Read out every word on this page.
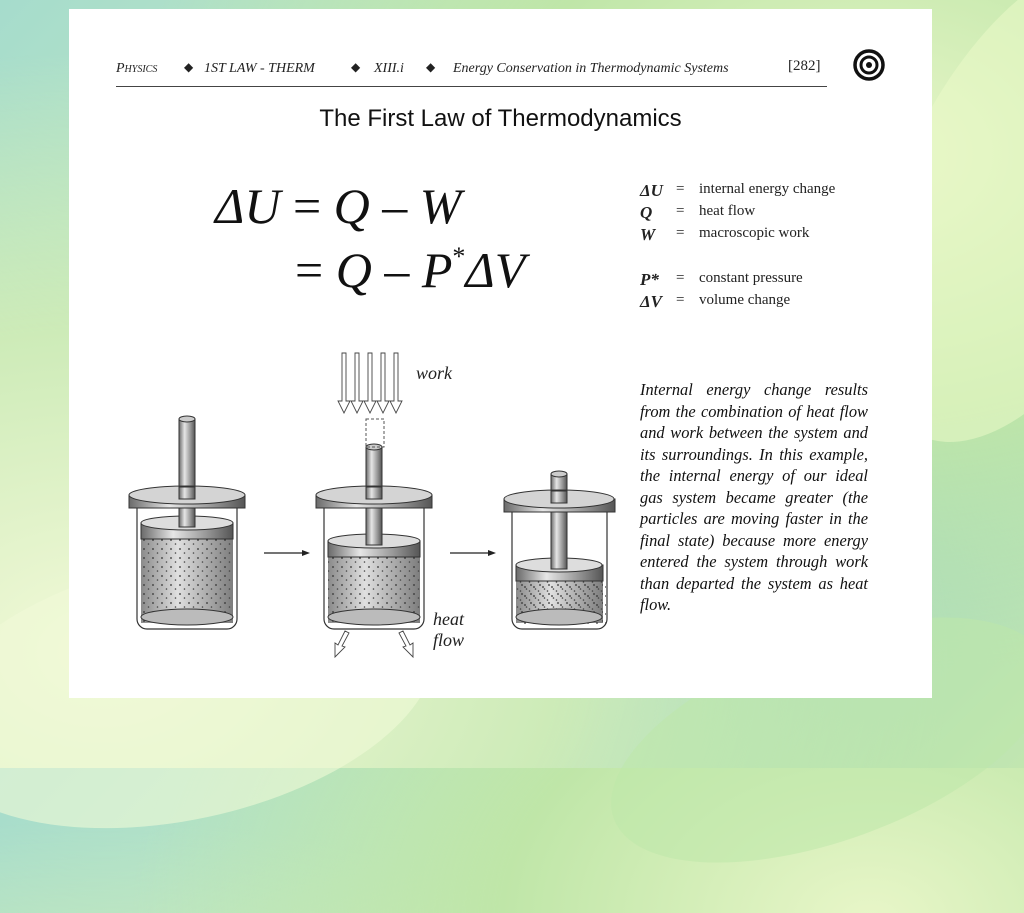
Physics ◆ 1ST LAW - THERM	◆ XIII.i ◆ Energy Conservation in Thermodynamic Systems	[282]
The First Law of Thermodynamics
ΔU = Q – W
= Q – P*ΔV
ΔU = internal energy change
Q = heat flow
W = macroscopic work
P* = constant pressure
ΔV = volume change
work
heat
flow
Internal energy change results from the combination of heat flow and work between the system and its surroundings. In this example, the internal energy of our ideal gas system became greater (the particles are moving faster in the final state) because more energy entered the system through work than departed the system as heat flow.
